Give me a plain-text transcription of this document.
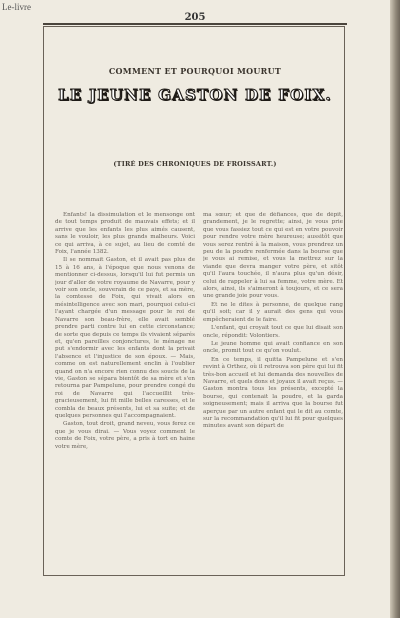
Le-livre
205
COMMENT ET POURQUOI MOURUT
LE JEUNE GASTON DE FOIX.
(TIRÉ DES CHRONIQUES DE FROISSART.)

Enfants! la dissimulation et le mensonge ont de tout temps produit de mauvais effets; et il arrive que les enfants les plus aimés causent, sans le vouloir, les plus grands malheurs. Voici ce qui arriva, à ce sujet, au lieu de comté de Foix, l'année 1382.

Il se nommait Gaston, et il avait pas plus de 15 à 16 ans, à l'époque que nous venons de mentionner ci-dessus, lorsqu'il lui fut permis un jour d'aller de votre royaume de Navarre, pour y voir son oncle, souverain de ce pays, et sa mère, la comtesse de Foix, qui vivait alors en mésintelligence avec son mari, pourquoi celui-ci l'ayant chargée d'un message pour le roi de Navarre son beau-frère, elle avait semblé prendre parti contre lui en cette circonstance; de sorte que depuis ce temps ils vivaient séparés et, qu'en pareilles conjonctures, le ménage ne put s'endormir avec les enfants dont la privait l'absence et l'injustice de son époux. — Mais, comme on est naturellement enclin à l'oublier quand on n'a encore rien connu des soucis de la vie, Gaston se sépara bientôt de sa mère et s'en retourna par Pampelune, pour prendre congé du roi de Navarre qui l'accueillit très-gracieusement, lui fit mille belles caresses, et le combla de beaux présents, lui et sa suite; et de quelques personnes qui l'accompagnaient.

Gaston, tout droit, grand neveu, vous ferez ce que je vous dirai. — Vous voyez comment le comte de Foix, votre père, a pris à tort en haine votre mère,

ma sœur; et que de défiances, que de dépit, grandement, je le regrette; ainsi, je vous prie que vous fassiez tout ce qui est en votre pouvoir pour rendre votre mère heureuse; aussitôt que vous serez rentré à la maison, vous prendrez un peu de la poudre renfermée dans la bourse que je vous ai remise, et vous la mettrez sur la viande que devra manger votre père, et sitôt qu'il l'aura touchée, il n'aura plus qu'un désir, celui de rappeler à lui sa femme, votre mère. Et alors, ainsi, ils s'aimeront à toujours, et ce sera une grande joie pour vous.

Et ne le dites à personne, de quelque rang qu'il soit; car il y aurait des gens qui vous empêcheraient de le faire.

L'enfant, qui croyait tout ce que lui disait son oncle, répondit: Volontiers.

Le jeune homme qui avait confiance en son oncle, promit tout ce qu'on voulut.

En ce temps, il quitta Pampelune et s'en revint à Orthez, où il retrouva son père qui lui fit très-bon accueil et lui demanda des nouvelles de Navarre, et quels dons et joyaux il avait reçus. — Gaston montra tous les présents, excepté la bourse, qui contenait la poudre, et la garda soigneusement; mais il arriva que la bourse fut aperçue par un autre enfant qui le dit au comte, sur la recommandation qu'il lui fit pour quelques minutes avant son départ de
